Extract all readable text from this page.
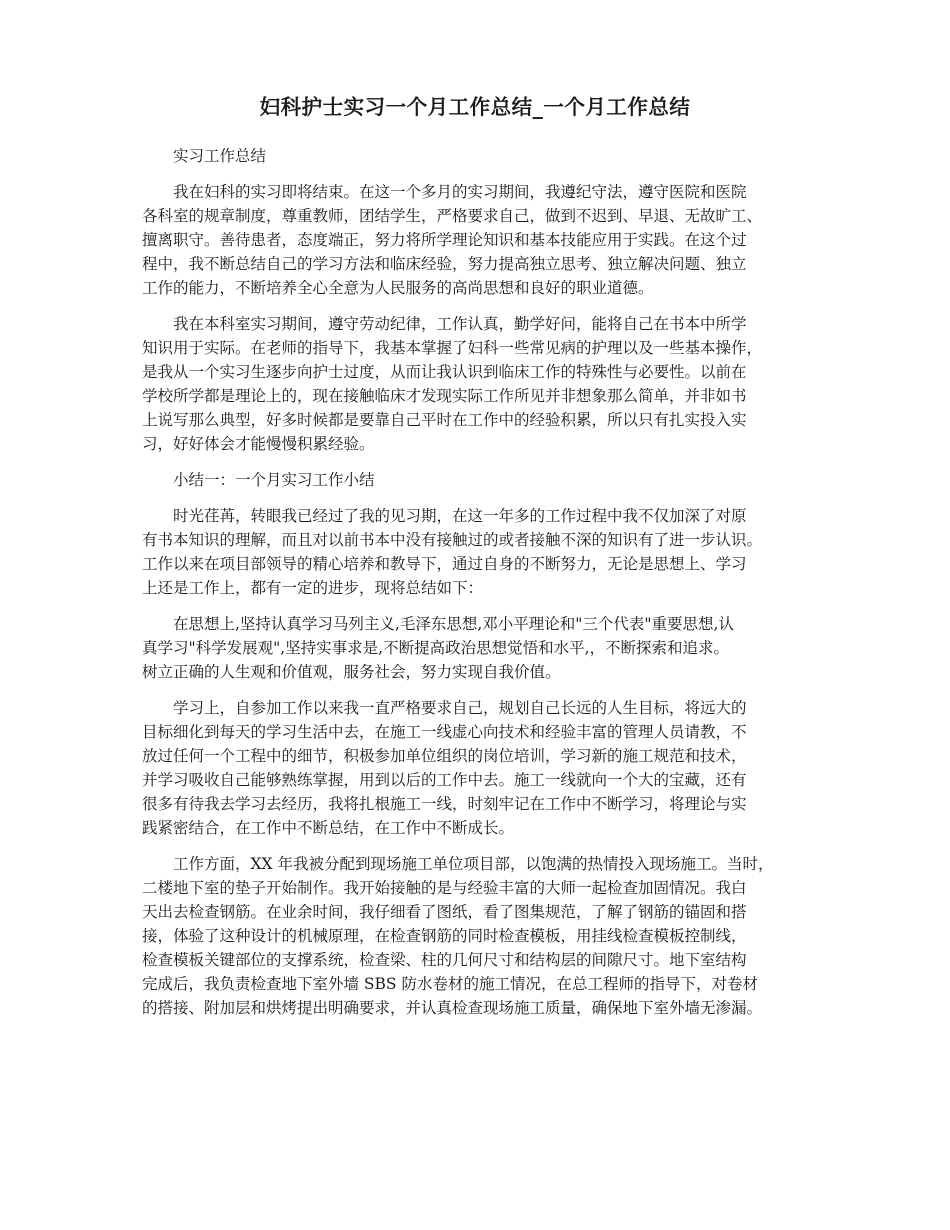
妇科护士实习一个月工作总结_一个月工作总结

实习工作总结

我在妇科的实习即将结束。在这一个多月的实习期间，我遵纪守法，遵守医院和医院
各科室的规章制度，尊重教师，团结学生，严格要求自己，做到不迟到、早退、无故旷工、
擅离职守。善待患者，态度端正，努力将所学理论知识和基本技能应用于实践。在这个过
程中，我不断总结自己的学习方法和临床经验，努力提高独立思考、独立解决问题、独立
工作的能力，不断培养全心全意为人民服务的高尚思想和良好的职业道德。

我在本科室实习期间，遵守劳动纪律，工作认真，勤学好问，能将自己在书本中所学
知识用于实际。在老师的指导下，我基本掌握了妇科一些常见病的护理以及一些基本操作，
是我从一个实习生逐步向护士过度，从而让我认识到临床工作的特殊性与必要性。以前在
学校所学都是理论上的，现在接触临床才发现实际工作所见并非想象那么简单，并非如书
上说写那么典型，好多时候都是要靠自己平时在工作中的经验积累，所以只有扎实投入实
习，好好体会才能慢慢积累经验。

小结一：一个月实习工作小结

时光荏苒，转眼我已经过了我的见习期，在这一年多的工作过程中我不仅加深了对原
有书本知识的理解，而且对以前书本中没有接触过的或者接触不深的知识有了进一步认识。
工作以来在项目部领导的精心培养和教导下，通过自身的不断努力，无论是思想上、学习
上还是工作上，都有一定的进步，现将总结如下：

在思想上,坚持认真学习马列主义,毛泽东思想,邓小平理论和"三个代表"重要思想,认
真学习"科学发展观",坚持实事求是,不断提高政治思想觉悟和水平,，不断探索和追求。
树立正确的人生观和价值观，服务社会，努力实现自我价值。

学习上，自参加工作以来我一直严格要求自己，规划自己长远的人生目标，将远大的
目标细化到每天的学习生活中去，在施工一线虚心向技术和经验丰富的管理人员请教，不
放过任何一个工程中的细节，积极参加单位组织的岗位培训，学习新的施工规范和技术，
并学习吸收自己能够熟练掌握，用到以后的工作中去。施工一线就向一个大的宝藏，还有
很多有待我去学习去经历，我将扎根施工一线，时刻牢记在工作中不断学习，将理论与实
践紧密结合，在工作中不断总结，在工作中不断成长。

工作方面，XX 年我被分配到现场施工单位项目部，以饱满的热情投入现场施工。当时，
二楼地下室的垫子开始制作。我开始接触的是与经验丰富的大师一起检查加固情况。我白
天出去检查钢筋。在业余时间，我仔细看了图纸，看了图集规范，了解了钢筋的锚固和搭
接，体验了这种设计的机械原理，在检查钢筋的同时检查模板，用挂线检查模板控制线，
检查模板关键部位的支撑系统，检查梁、柱的几何尺寸和结构层的间隙尺寸。地下室结构
完成后，我负责检查地下室外墙 SBS 防水卷材的施工情况，在总工程师的指导下，对卷材
的搭接、附加层和烘烤提出明确要求，并认真检查现场施工质量，确保地下室外墙无渗漏。
